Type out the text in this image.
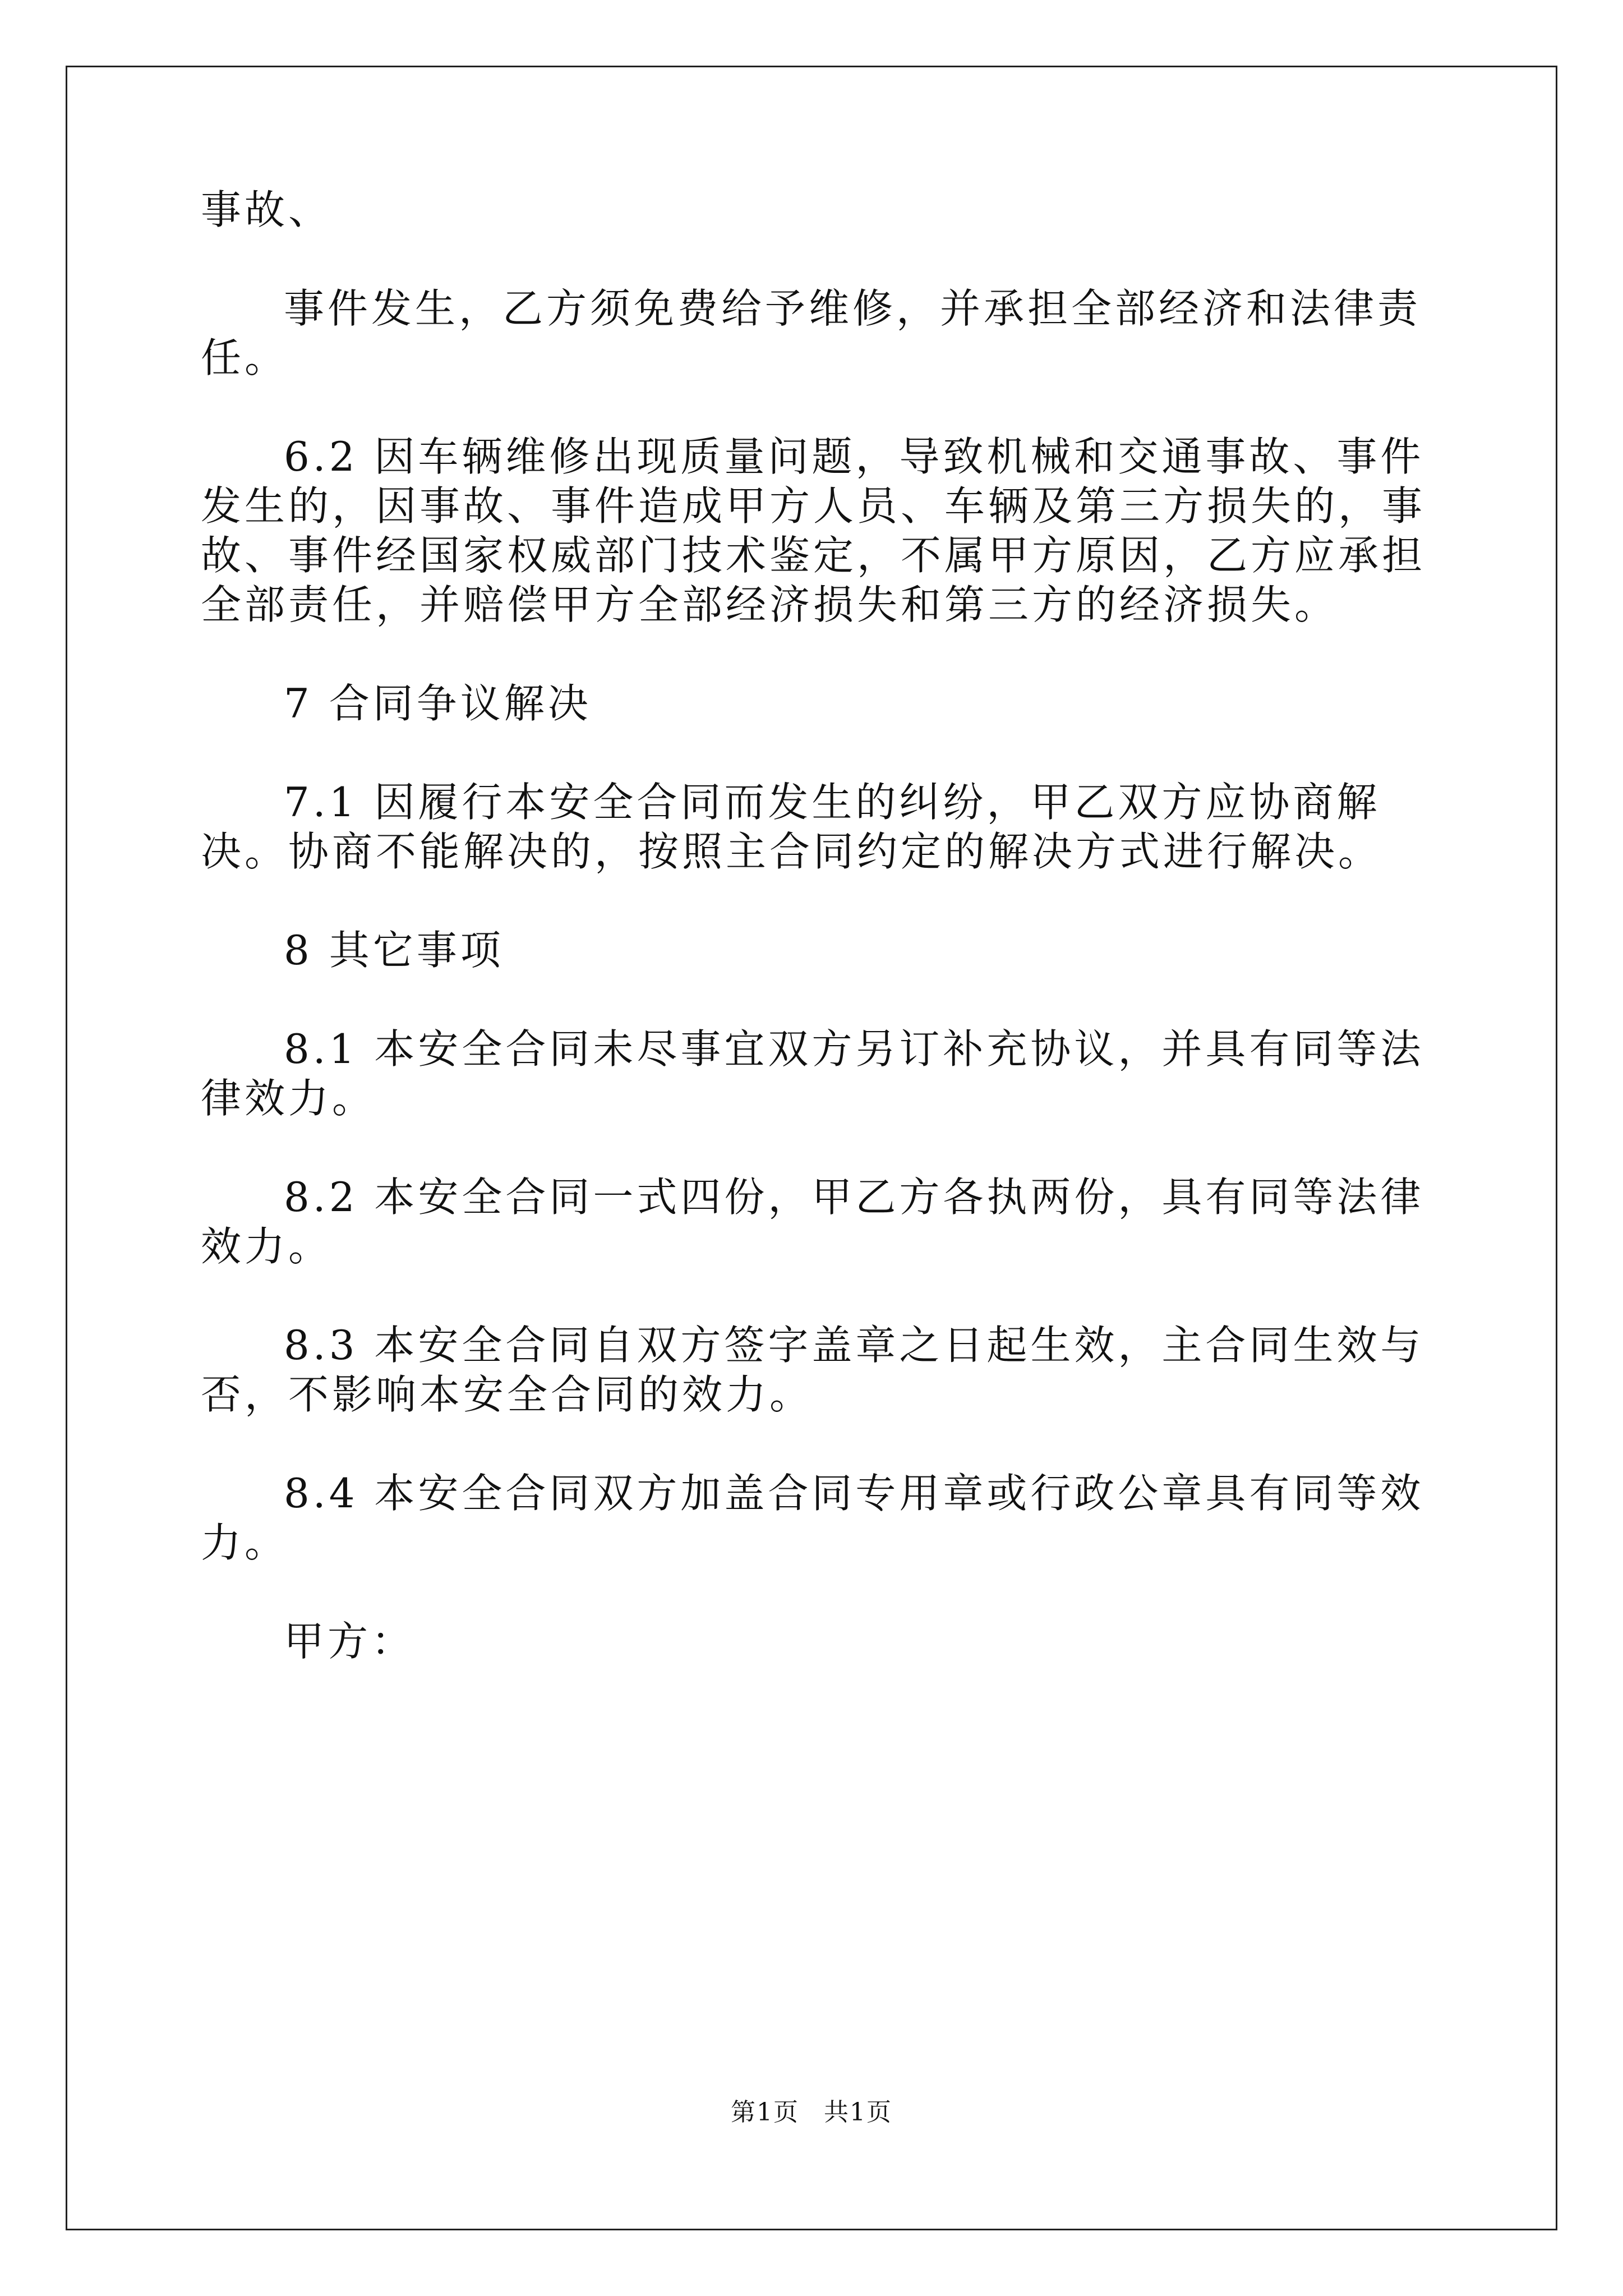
事故、

事件发生，乙方须免费给予维修，并承担全部经济和法律责任。

6.2 因车辆维修出现质量问题，导致机械和交通事故、事件发生的，因事故、事件造成甲方人员、车辆及第三方损失的，事故、事件经国家权威部门技术鉴定，不属甲方原因，乙方应承担全部责任，并赔偿甲方全部经济损失和第三方的经济损失。

7 合同争议解决

7.1 因履行本安全合同而发生的纠纷，甲乙双方应协商解决。协商不能解决的，按照主合同约定的解决方式进行解决。

8 其它事项

8.1 本安全合同未尽事宜双方另订补充协议，并具有同等法律效力。

8.2 本安全合同一式四份，甲乙方各执两份，具有同等法律效力。

8.3 本安全合同自双方签字盖章之日起生效，主合同生效与否，不影响本安全合同的效力。

8.4 本安全合同双方加盖合同专用章或行政公章具有同等效力。

甲方：

第1页 共1页
